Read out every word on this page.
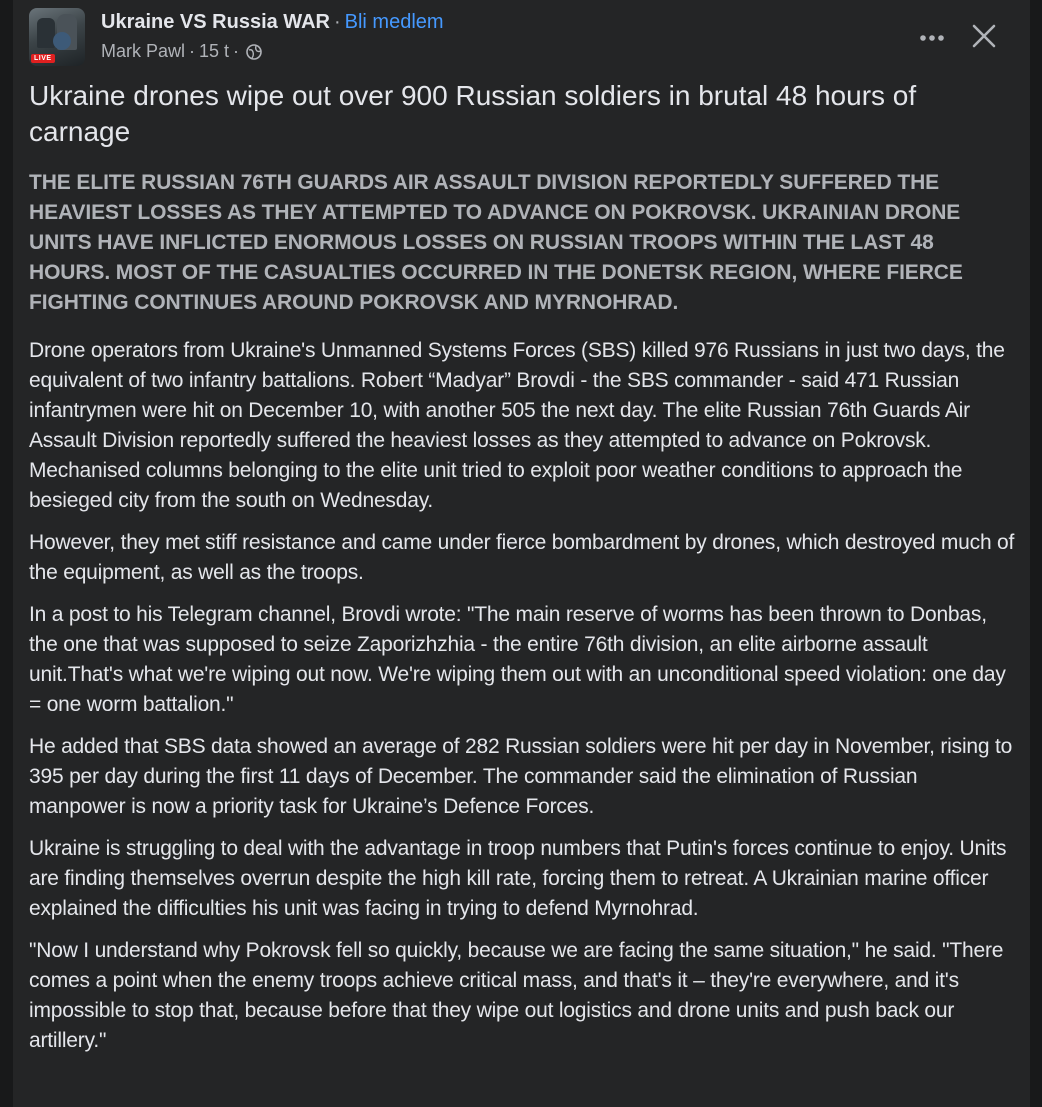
LIVE
Ukraine VS Russia WAR · Bli medlem
Mark Pawl · 15 t ·
Ukraine drones wipe out over 900 Russian soldiers in brutal 48 hours of carnage
THE ELITE RUSSIAN 76TH GUARDS AIR ASSAULT DIVISION REPORTEDLY SUFFERED THE HEAVIEST LOSSES AS THEY ATTEMPTED TO ADVANCE ON POKROVSK. UKRAINIAN DRONE UNITS HAVE INFLICTED ENORMOUS LOSSES ON RUSSIAN TROOPS WITHIN THE LAST 48 HOURS. MOST OF THE CASUALTIES OCCURRED IN THE DONETSK REGION, WHERE FIERCE FIGHTING CONTINUES AROUND POKROVSK AND MYRNOHRAD.

Drone operators from Ukraine's Unmanned Systems Forces (SBS) killed 976 Russians in just two days, the equivalent of two infantry battalions. Robert “Madyar” Brovdi - the SBS commander - said 471 Russian infantrymen were hit on December 10, with another 505 the next day. The elite Russian 76th Guards Air Assault Division reportedly suffered the heaviest losses as they attempted to advance on Pokrovsk. Mechanised columns belonging to the elite unit tried to exploit poor weather conditions to approach the besieged city from the south on Wednesday.

However, they met stiff resistance and came under fierce bombardment by drones, which destroyed much of the equipment, as well as the troops.

In a post to his Telegram channel, Brovdi wrote: "The main reserve of worms has been thrown to Donbas, the one that was supposed to seize Zaporizhzhia - the entire 76th division, an elite airborne assault unit.That's what we're wiping out now. We're wiping them out with an unconditional speed violation: one day = one worm battalion."

He added that SBS data showed an average of 282 Russian soldiers were hit per day in November, rising to 395 per day during the first 11 days of December. The commander said the elimination of Russian manpower is now a priority task for Ukraine’s Defence Forces.

Ukraine is struggling to deal with the advantage in troop numbers that Putin's forces continue to enjoy. Units are finding themselves overrun despite the high kill rate, forcing them to retreat. A Ukrainian marine officer explained the difficulties his unit was facing in trying to defend Myrnohrad.

"Now I understand why Pokrovsk fell so quickly, because we are facing the same situation," he said. "There comes a point when the enemy troops achieve critical mass, and that's it – they're everywhere, and it's impossible to stop that, because before that they wipe out logistics and drone units and push back our artillery."
